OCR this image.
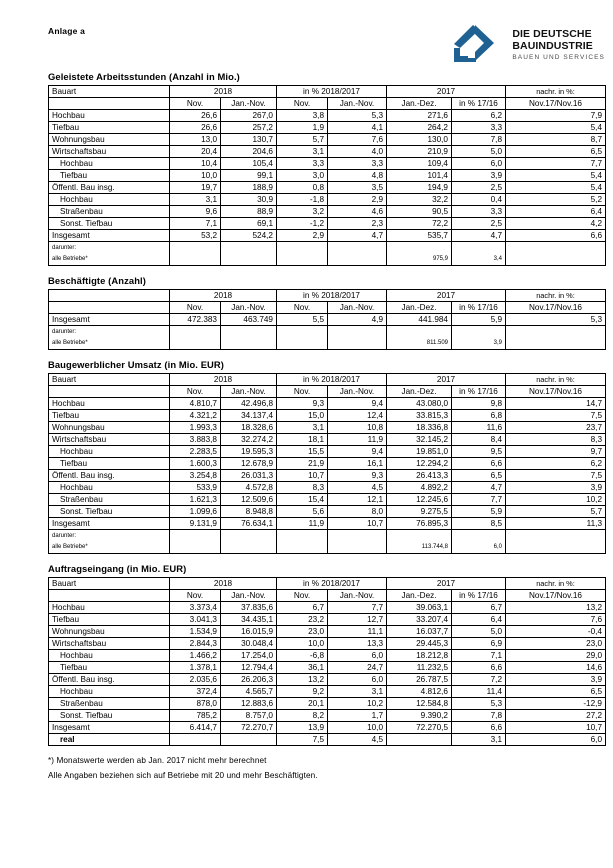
Anlage a	DIE DEUTSCHE
BAUINDUSTRIE
BAUEN UND SERVICES
Geleistete Arbeitsstunden (Anzahl in Mio.)
Bauart	2018		in % 2018/2017		2017		nachr. in %:
	Nov.	Jan.-Nov.	Nov.	Jan.-Nov.	Jan.-Dez.	in % 17/16	Nov.17/Nov.16
Hochbau	26,6	267,0	3,8	5,3	271,6	6,2	7,9
Tiefbau	26,6	257,2	1,9	4,1	264,2	3,3	5,4
Wohnungsbau	13,0	130,7	5,7	7,6	130,0	7,8	8,7
Wirtschaftsbau	20,4	204,6	3,1	4,0	210,9	5,0	6,5
Hochbau	10,4	105,4	3,3	3,3	109,4	6,0	7,7
Tiefbau	10,0	99,1	3,0	4,8	101,4	3,9	5,4
Öffentl. Bau insg.	19,7	188,9	0,8	3,5	194,9	2,5	5,4
Hochbau	3,1	30,9	-1,8	2,9	32,2	0,4	5,2
Straßenbau	9,6	88,9	3,2	4,6	90,5	3,3	6,4
Sonst. Tiefbau	7,1	69,1	-1,2	2,3	72,2	2,5	4,2
Insgesamt	53,2	524,2	2,9	4,7	535,7	4,7	6,6
darunter:							
alle Betriebe*					975,9	3,4	
Beschäftigte (Anzahl)
	2018		in % 2018/2017		2017		nachr. in %:
	Nov.	Jan.-Nov.	Nov.	Jan.-Nov.	Jan.-Dez.	in % 17/16	Nov.17/Nov.16
Insgesamt	472.383	463.749	5,5	4,9	441.984	5,9	5,3
darunter:							
alle Betriebe*					811.509	3,9	
Baugewerblicher Umsatz (in Mio. EUR)
Bauart	2018		in % 2018/2017		2017		nachr. in %:
	Nov.	Jan.-Nov.	Nov.	Jan.-Nov.	Jan.-Dez.	in % 17/16	Nov.17/Nov.16
Hochbau	4.810,7	42.496,8	9,3	9,4	43.080,0	9,8	14,7
Tiefbau	4.321,2	34.137,4	15,0	12,4	33.815,3	6,8	7,5
Wohnungsbau	1.993,3	18.328,6	3,1	10,8	18.336,8	11,6	23,7
Wirtschaftsbau	3.883,8	32.274,2	18,1	11,9	32.145,2	8,4	8,3
Hochbau	2.283,5	19.595,3	15,5	9,4	19.851,0	9,5	9,7
Tiefbau	1.600,3	12.678,9	21,9	16,1	12.294,2	6,6	6,2
Öffentl. Bau insg.	3.254,8	26.031,3	10,7	9,3	26.413,3	6,5	7,5
Hochbau	533,9	4.572,8	8,3	4,5	4.892,2	4,7	3,9
Straßenbau	1.621,3	12.509,6	15,4	12,1	12.245,6	7,7	10,2
Sonst. Tiefbau	1.099,6	8.948,8	5,6	8,0	9.275,5	5,9	5,7
Insgesamt	9.131,9	76.634,1	11,9	10,7	76.895,3	8,5	11,3
darunter:							
alle Betriebe*					113.744,8	6,0	
Auftragseingang (in Mio. EUR)
Bauart	2018		in % 2018/2017		2017		nachr. in %:
	Nov.	Jan.-Nov.	Nov.	Jan.-Nov.	Jan.-Dez.	in % 17/16	Nov.17/Nov.16
Hochbau	3.373,4	37.835,6	6,7	7,7	39.063,1	6,7	13,2
Tiefbau	3.041,3	34.435,1	23,2	12,7	33.207,4	6,4	7,6
Wohnungsbau	1.534,9	16.015,9	23,0	11,1	16.037,7	5,0	-0,4
Wirtschaftsbau	2.844,3	30.048,4	10,0	13,3	29.445,3	6,9	23,0
Hochbau	1.466,2	17.254,0	-6,8	6,0	18.212,8	7,1	29,0
Tiefbau	1.378,1	12.794,4	36,1	24,7	11.232,5	6,6	14,6
Öffentl. Bau insg.	2.035,6	26.206,3	13,2	6,0	26.787,5	7,2	3,9
Hochbau	372,4	4.565,7	9,2	3,1	4.812,6	11,4	6,5
Straßenbau	878,0	12.883,6	20,1	10,2	12.584,8	5,3	-12,9
Sonst. Tiefbau	785,2	8.757,0	8,2	1,7	9.390,2	7,8	27,2
Insgesamt	6.414,7	72.270,7	13,9	10,0	72.270,5	6,6	10,7
real			7,5	4,5		3,1	6,0
*) Monatswerte werden ab Jan. 2017 nicht mehr berechnet
Alle Angaben beziehen sich auf Betriebe mit 20 und mehr Beschäftigten.
